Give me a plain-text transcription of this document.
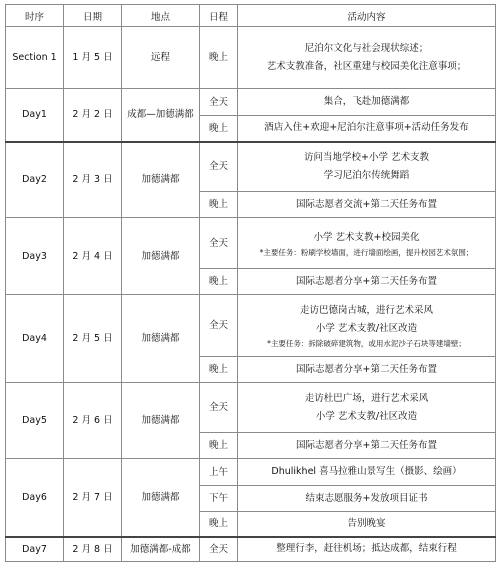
时序	日期	地点	日程	活动内容
Section 1	1 月 5 日	远程	晚上	尼泊尔文化与社会现状综述；
艺术支教准备，社区重建与校园美化注意事项；

Day1	2 月 2 日	成都—加德满都	全天	集合，飞赴加德满都

			晚上	酒店入住+欢迎+尼泊尔注意事项+活动任务发布

Day2	2 月 3 日	加德满都	全天	访问当地学校+小学 艺术支教
学习尼泊尔传统舞蹈

			晚上	国际志愿者交流+第二天任务布置

Day3	2 月 4 日	加德满都	全天	小学 艺术支教+校园美化
*主要任务：粉刷学校墙面，进行墙面绘画，提升校园艺术氛围；

			晚上	国际志愿者分享+第二天任务布置

Day4	2 月 5 日	加德满都	全天	走访巴德岗古城，进行艺术采风
小学 艺术支教/社区改造
*主要任务：拆除破碎建筑物，或用水泥沙子石块等建墙壁；

			晚上	国际志愿者分享+第二天任务布置

Day5	2 月 6 日	加德满都	全天	走访杜巴广场，进行艺术采风
小学 艺术支教/社区改造

			晚上	国际志愿者分享+第二天任务布置

Day6	2 月 7 日	加德满都	上午	Dhulikhel 喜马拉雅山景写生（摄影、绘画）

			下午	结束志愿服务+发放项目证书

			晚上	告别晚宴

Day7	2 月 8 日	加德满都-成都	全天	整理行李，赶往机场；抵达成都，结束行程
